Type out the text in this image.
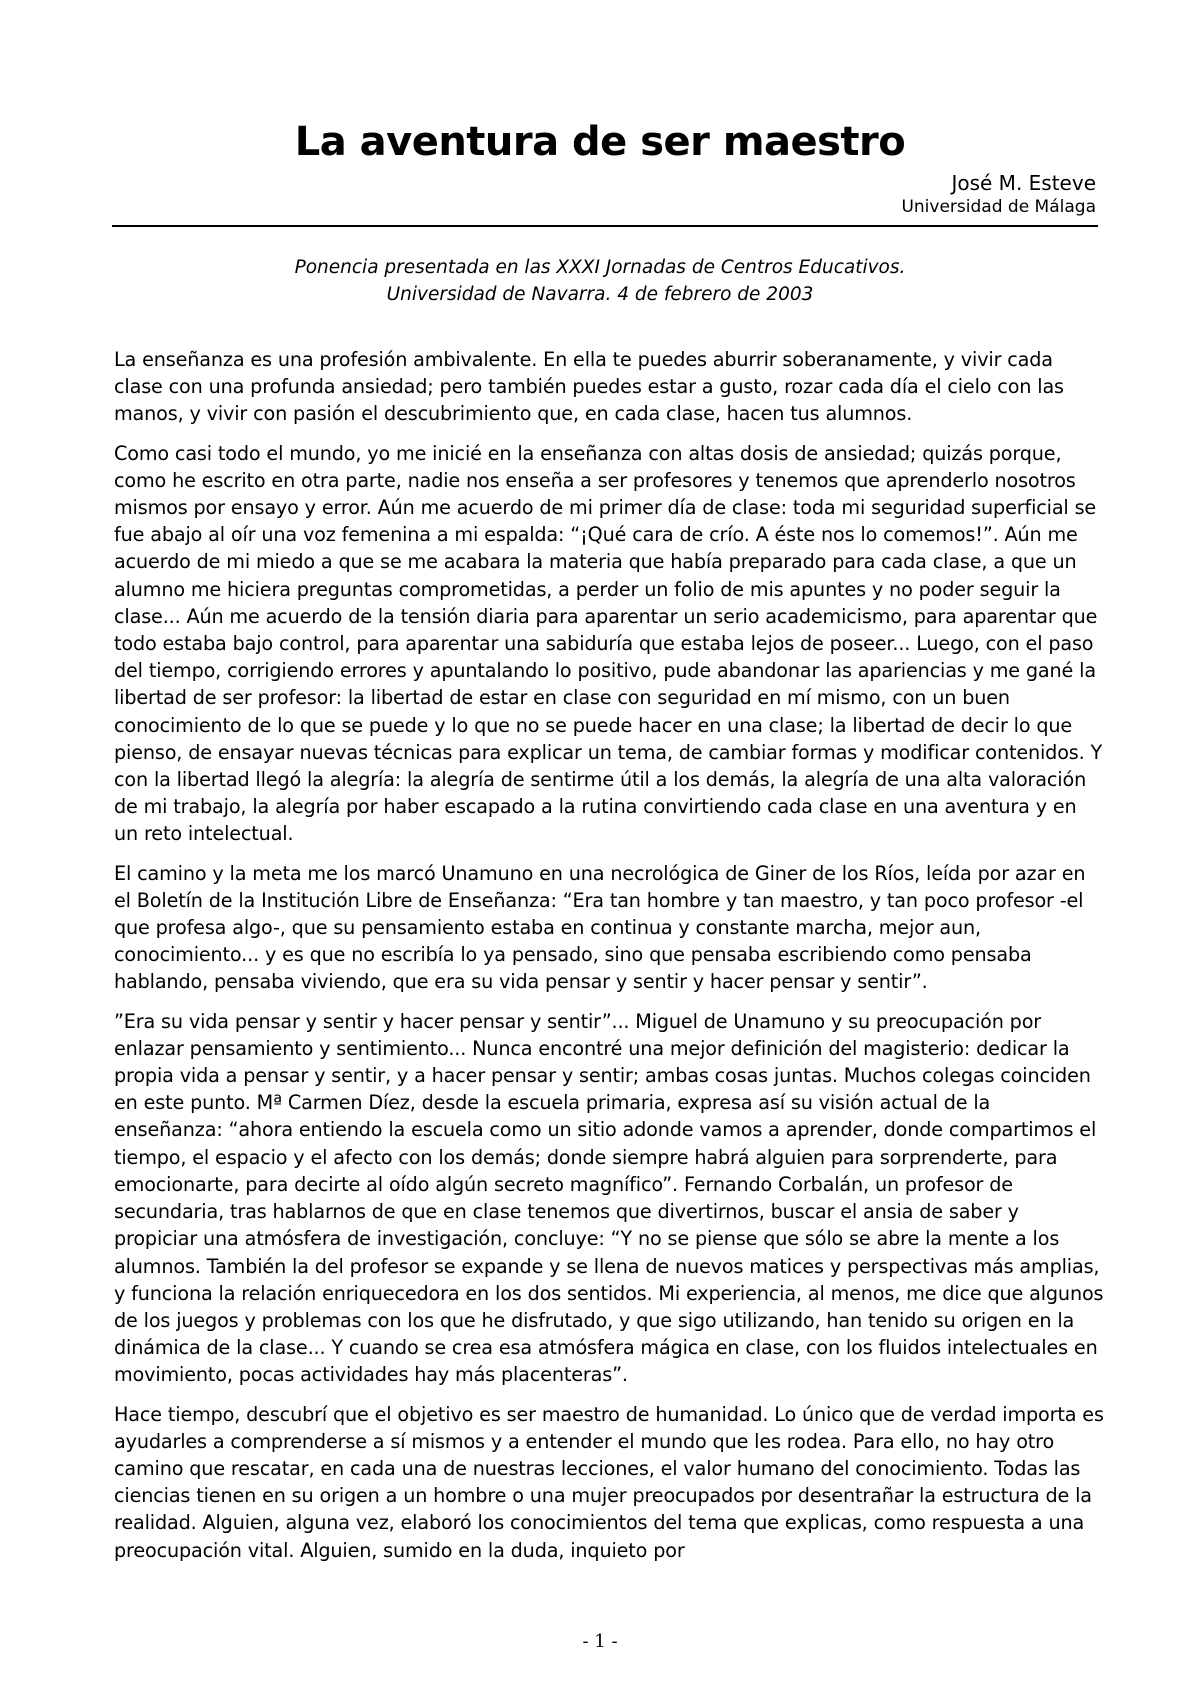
La aventura de ser maestro
José M. Esteve
Universidad de Málaga
Ponencia presentada en las XXXI Jornadas de Centros Educativos.
Universidad de Navarra. 4 de febrero de 2003

La enseñanza es una profesión ambivalente. En ella te puedes aburrir soberanamente, y vivir cada clase con una profunda ansiedad; pero también puedes estar a gusto, rozar cada día el cielo con las manos, y vivir con pasión el descubrimiento que, en cada clase, hacen tus alumnos.

Como casi todo el mundo, yo me inicié en la enseñanza con altas dosis de ansiedad; quizás porque, como he escrito en otra parte, nadie nos enseña a ser profesores y tenemos que aprenderlo nosotros mismos por ensayo y error. Aún me acuerdo de mi primer día de clase: toda mi seguridad superficial se fue abajo al oír una voz femenina a mi espalda: “¡Qué cara de crío. A éste nos lo comemos!”. Aún me acuerdo de mi miedo a que se me acabara la materia que había preparado para cada clase, a que un alumno me hiciera preguntas comprometidas, a perder un folio de mis apuntes y no poder seguir la clase... Aún me acuerdo de la tensión diaria para aparentar un serio academicismo, para aparentar que todo estaba bajo control, para aparentar una sabiduría que estaba lejos de poseer... Luego, con el paso del tiempo, corrigiendo errores y apuntalando lo positivo, pude abandonar las apariencias y me gané la libertad de ser profesor: la libertad de estar en clase con seguridad en mí mismo, con un buen conocimiento de lo que se puede y lo que no se puede hacer en una clase; la libertad de decir lo que pienso, de ensayar nuevas técnicas para explicar un tema, de cambiar formas y modificar contenidos. Y con la libertad llegó la alegría: la alegría de sentirme útil a los demás, la alegría de una alta valoración de mi trabajo, la alegría por haber escapado a la rutina convirtiendo cada clase en una aventura y en un reto intelectual.

El camino y la meta me los marcó Unamuno en una necrológica de Giner de los Ríos, leída por azar en el Boletín de la Institución Libre de Enseñanza: “Era tan hombre y tan maestro, y tan poco profesor -el que profesa algo-, que su pensamiento estaba en continua y constante marcha, mejor aun, conocimiento... y es que no escribía lo ya pensado, sino que pensaba escribiendo como pensaba hablando, pensaba viviendo, que era su vida pensar y sentir y hacer pensar y sentir”.

”Era su vida pensar y sentir y hacer pensar y sentir”... Miguel de Unamuno y su preocupación por enlazar pensamiento y sentimiento... Nunca encontré una mejor definición del magisterio: dedicar la propia vida a pensar y sentir, y a hacer pensar y sentir; ambas cosas juntas. Muchos colegas coinciden en este punto. Mª Carmen Díez, desde la escuela primaria, expresa así su visión actual de la enseñanza: “ahora entiendo la escuela como un sitio adonde vamos a aprender, donde compartimos el tiempo, el espacio y el afecto con los demás; donde siempre habrá alguien para sorprenderte, para emocionarte, para decirte al oído algún secreto magnífico”. Fernando Corbalán, un profesor de secundaria, tras hablarnos de que en clase tenemos que divertirnos, buscar el ansia de saber y propiciar una atmósfera de investigación, concluye: “Y no se piense que sólo se abre la mente a los alumnos. También la del profesor se expande y se llena de nuevos matices y perspectivas más amplias, y funciona la relación enriquecedora en los dos sentidos. Mi experiencia, al menos, me dice que algunos de los juegos y problemas con los que he disfrutado, y que sigo utilizando, han tenido su origen en la dinámica de la clase... Y cuando se crea esa atmósfera mágica en clase, con los fluidos intelectuales en movimiento, pocas actividades hay más placenteras”.

Hace tiempo, descubrí que el objetivo es ser maestro de humanidad. Lo único que de verdad importa es ayudarles a comprenderse a sí mismos y a entender el mundo que les rodea. Para ello, no hay otro camino que rescatar, en cada una de nuestras lecciones, el valor humano del conocimiento. Todas las ciencias tienen en su origen a un hombre o una mujer preocupados por desentrañar la estructura de la realidad. Alguien, alguna vez, elaboró los conocimientos del tema que explicas, como respuesta a una preocupación vital. Alguien, sumido en la duda, inquieto por

- 1 -
